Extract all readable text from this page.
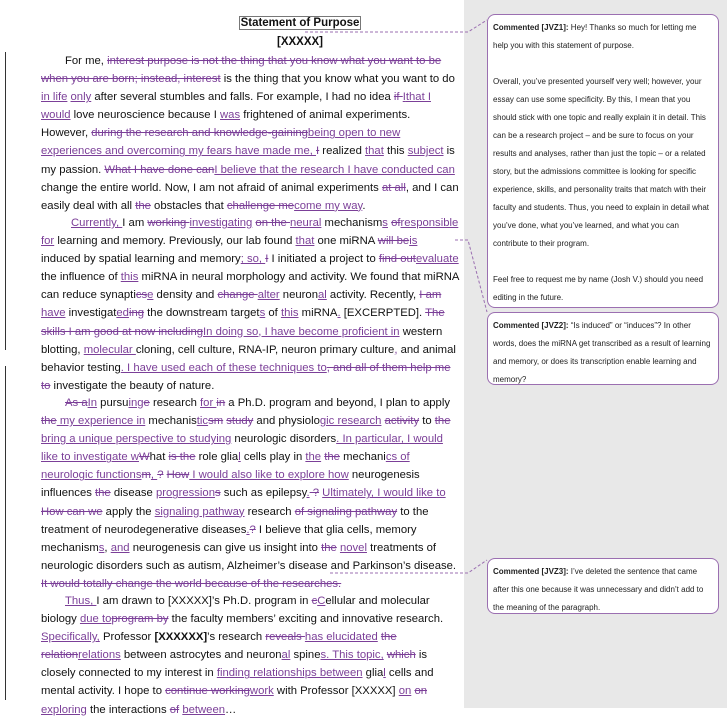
Statement of Purpose
[XXXXX]
For me, interest purpose is not the thing that you know what you want to be when you are born; instead, interest is the thing that you know what you want to do in life only after several stumbles and falls. For example, I had no idea if Ithat I would love neuroscience because I was frightened of animal experiments. However, during the research and knowledge-gainingbeing open to new experiences and overcoming my fears have made me, I realized that this subject is my passion. What I have done canI believe that the research I have conducted can change the entire world. Now, I am not afraid of animal experiments at all, and I can easily deal with all the obstacles that challenge mecome my way.
Currently, I am working investigating on the neural mechanisms ofresponsible for learning and memory. Previously, our lab found that one miRNA will beis induced by spatial learning and memory; so, I I initiated a project to find outevaluate the influence of this miRNA in neural morphology and activity. We found that miRNA can reduce synapticse density and change alter neuronal activity. Recently, I am have investigateding the downstream targets of this miRNA. [EXCERPTED]. The skills I am good at now includingIn doing so, I have become proficient in western blotting, molecular cloning, cell culture, RNA-IP, neuron primary culture, and animal behavior testing. I have used each of these techniques to, and all of them help me to investigate the beauty of nature.
As aIn pursuinge research for in a Ph.D. program and beyond, I plan to apply the my experience in mechanisticsm study and physiologic research activity to the bring a unique perspective to studying neurologic disorders. In particular, I would like to investigate wWhat is the role glial cells play in the the mechanics of neurologic functionsm, ? How I would also like to explore how neurogenesis influences the disease progressions such as epilepsy. ? Ultimately, I would like to How can we apply the signaling pathway research of signaling pathway to the treatment of neurodegenerative diseases.? I believe that glia cells, memory mechanisms, and neurogenesis can give us insight into the novel treatments of neurologic disorders such as autism, Alzheimer’s disease and Parkinson’s disease. It would totally change the world because of the researches.
Thus, I am drawn to [XXXXX]’s Ph.D. program in cCellular and molecular biology due toprogram by the faculty members’ exciting and innovative research. Specifically, Professor [XXXXXX]’s research reveals has elucidated the relationrelations between astrocytes and neuronal spines. This topic, which is closely connected to my interest in finding relationships between glial cells and mental activity. I hope to continue workingwork with Professor [XXXXX] on on exploring the interactions of between…

Commented [JVZ1]: Hey! Thanks so much for letting me help you with this statement of purpose.

Overall, you’ve presented yourself very well; however, your essay can use some specificity. By this, I mean that you should stick with one topic and really explain it in detail. This can be a research project – and be sure to focus on your results and analyses, rather than just the topic – or a related story, but the admissions committee is looking for specific experience, skills, and personality traits that match with their faculty and students. Thus, you need to explain in detail what you’ve done, what you’ve learned, and what you can contribute to their program.

Feel free to request me by name (Josh V.) should you need editing in the future.

Commented [JVZ2]: “Is induced” or “induces”? In other words, does the miRNA get transcribed as a result of learning and memory, or does its transcription enable learning and memory?

Commented [JVZ3]: I’ve deleted the sentence that came after this one because it was unnecessary and didn’t add to the meaning of the paragraph.
